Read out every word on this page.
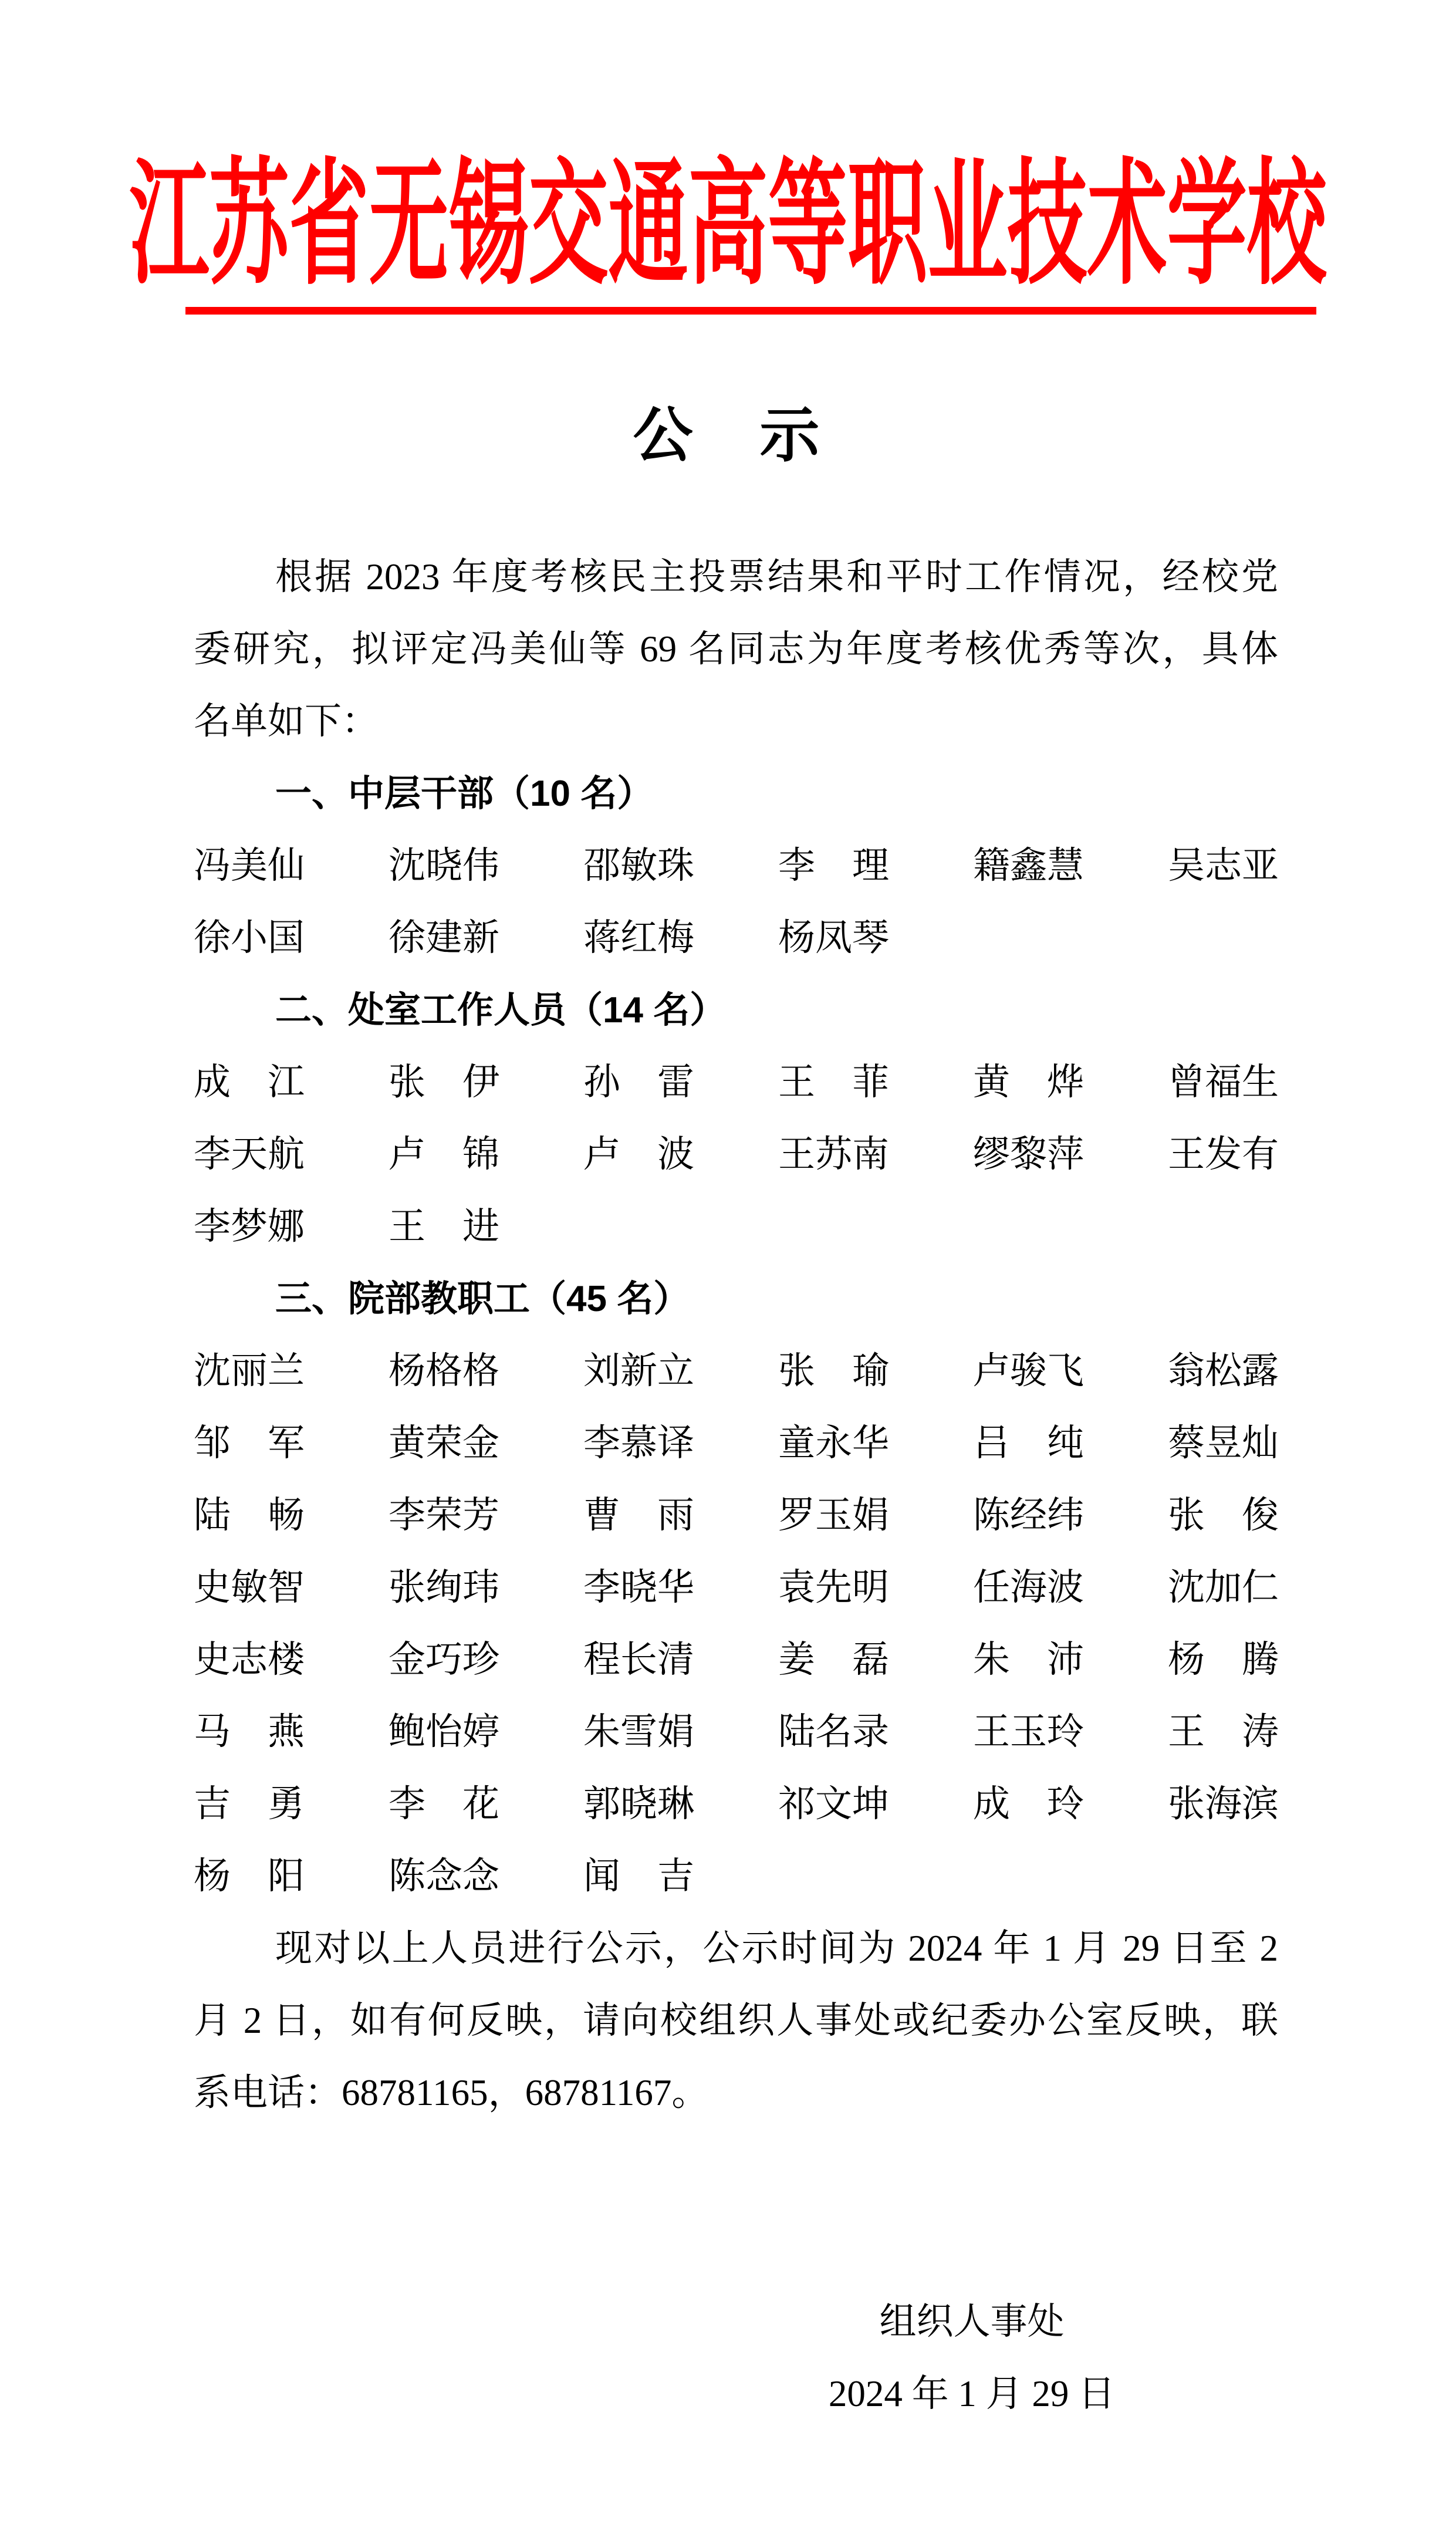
江苏省无锡交通高等职业技术学校
公　示
根据 2023 年度考核民主投票结果和平时工作情况，经校党
委研究，拟评定冯美仙等 69 名同志为年度考核优秀等次，具体
名单如下：
一、中层干部（10 名）
冯美仙 沈晓伟 邵敏珠 李　理 籍鑫慧 吴志亚
徐小国 徐建新 蒋红梅 杨凤琴
二、处室工作人员（14 名）
成　江 张　伊 孙　雷 王　菲 黄　烨 曾福生
李天航 卢　锦 卢　波 王苏南 缪黎萍 王发有
李梦娜 王　进
三、院部教职工（45 名）
沈丽兰 杨格格 刘新立 张　瑜 卢骏飞 翁松露
邹　军 黄荣金 李慕译 童永华 吕　纯 蔡昱灿
陆　畅 李荣芳 曹　雨 罗玉娟 陈经纬 张　俊
史敏智 张绚玮 李晓华 袁先明 任海波 沈加仁
史志楼 金巧珍 程长清 姜　磊 朱　沛 杨　腾
马　燕 鲍怡婷 朱雪娟 陆名录 王玉玲 王　涛
吉　勇 李　花 郭晓琳 祁文坤 成　玲 张海滨
杨　阳 陈念念 闻　吉
现对以上人员进行公示，公示时间为 2024 年 1 月 29 日至 2
月 2 日，如有何反映，请向校组织人事处或纪委办公室反映，联
系电话：68781165，68781167。
组织人事处
2024 年 1 月 29 日
